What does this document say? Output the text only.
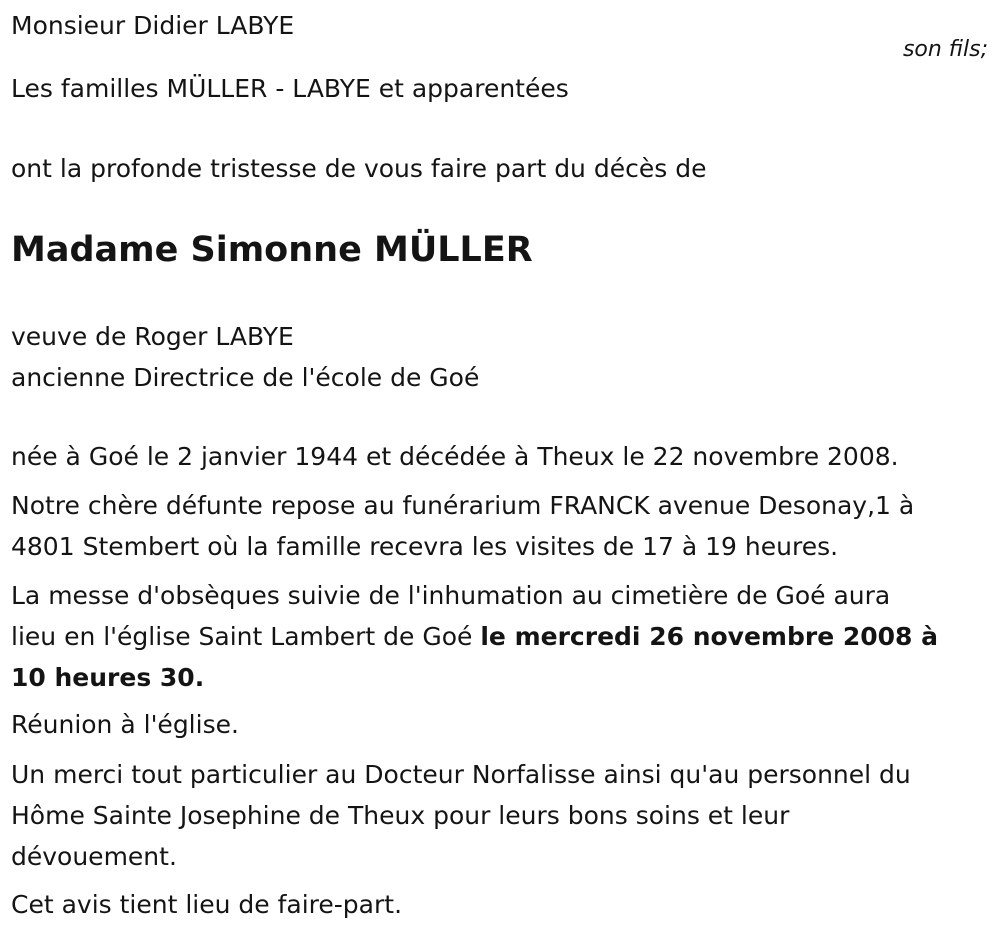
Monsieur Didier LABYE

son fils;

Les familles MÜLLER - LABYE et apparentées

ont la profonde tristesse de vous faire part du décès de

Madame Simonne MÜLLER

veuve de Roger LABYE

ancienne Directrice de l'école de Goé

née à Goé le 2 janvier 1944 et décédée à Theux le 22 novembre 2008.

Notre chère défunte repose au funérarium FRANCK avenue Desonay,1 à

4801 Stembert où la famille recevra les visites de 17 à 19 heures.

La messe d'obsèques suivie de l'inhumation au cimetière de Goé aura

lieu en l'église Saint Lambert de Goé le mercredi 26 novembre 2008 à

10 heures 30.

Réunion à l'église.

Un merci tout particulier au Docteur Norfalisse ainsi qu'au personnel du

Hôme Sainte Josephine de Theux pour leurs bons soins et leur

dévouement.

Cet avis tient lieu de faire-part.
